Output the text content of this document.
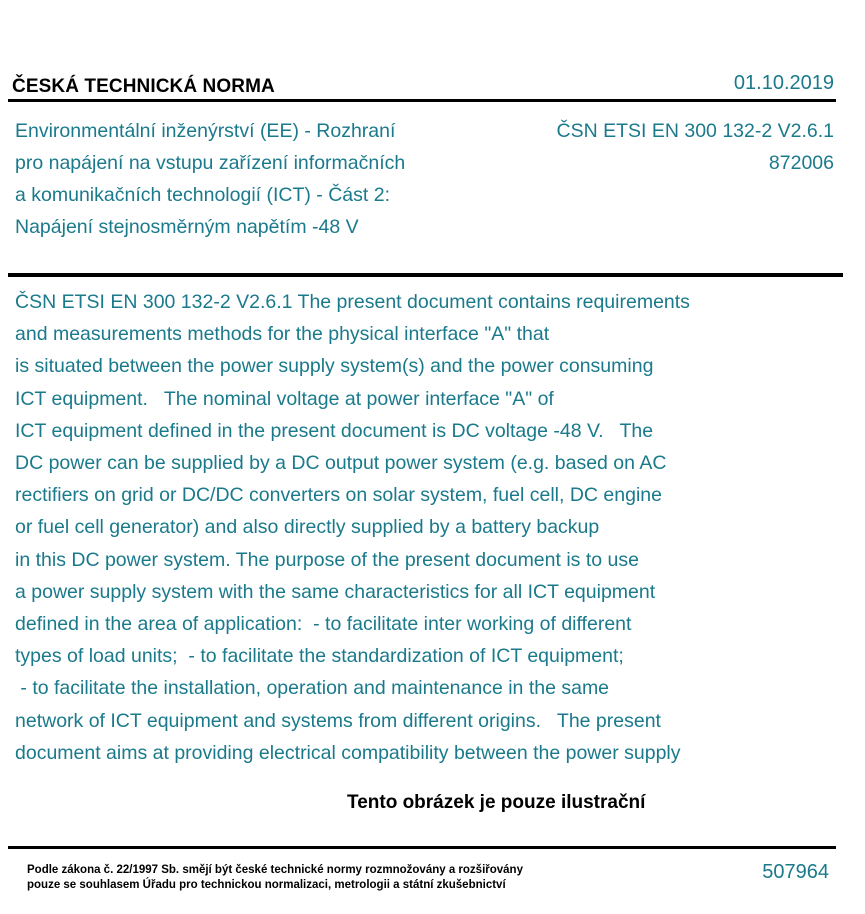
ČESKÁ TECHNICKÁ NORMA	01.10.2019
Environmentální inženýrství (EE) - Rozhraní
pro napájení na vstupu zařízení informačních
a komunikačních technologií (ICT) - Část 2:
Napájení stejnosměrným napětím -48 V
ČSN ETSI EN 300 132-2 V2.6.1
872006
ČSN ETSI EN 300 132-2 V2.6.1 The present document contains requirements
and measurements methods for the physical interface "A" that
is situated between the power supply system(s) and the power consuming
ICT equipment.   The nominal voltage at power interface "A" of
ICT equipment defined in the present document is DC voltage -48 V.   The
DC power can be supplied by a DC output power system (e.g. based on AC
rectifiers on grid or DC/DC converters on solar system, fuel cell, DC engine
or fuel cell generator) and also directly supplied by a battery backup
in this DC power system. The purpose of the present document is to use
a power supply system with the same characteristics for all ICT equipment
defined in the area of application:  - to facilitate inter working of different
types of load units;  - to facilitate the standardization of ICT equipment;
- to facilitate the installation, operation and maintenance in the same
network of ICT equipment and systems from different origins.   The present
document aims at providing electrical compatibility between the power supply
Tento obrázek je pouze ilustrační
Podle zákona č. 22/1997 Sb. smějí být české technické normy rozmnožovány a rozšiřovány
pouze se souhlasem Úřadu pro technickou normalizaci, metrologii a státní zkušebnictví
507964
